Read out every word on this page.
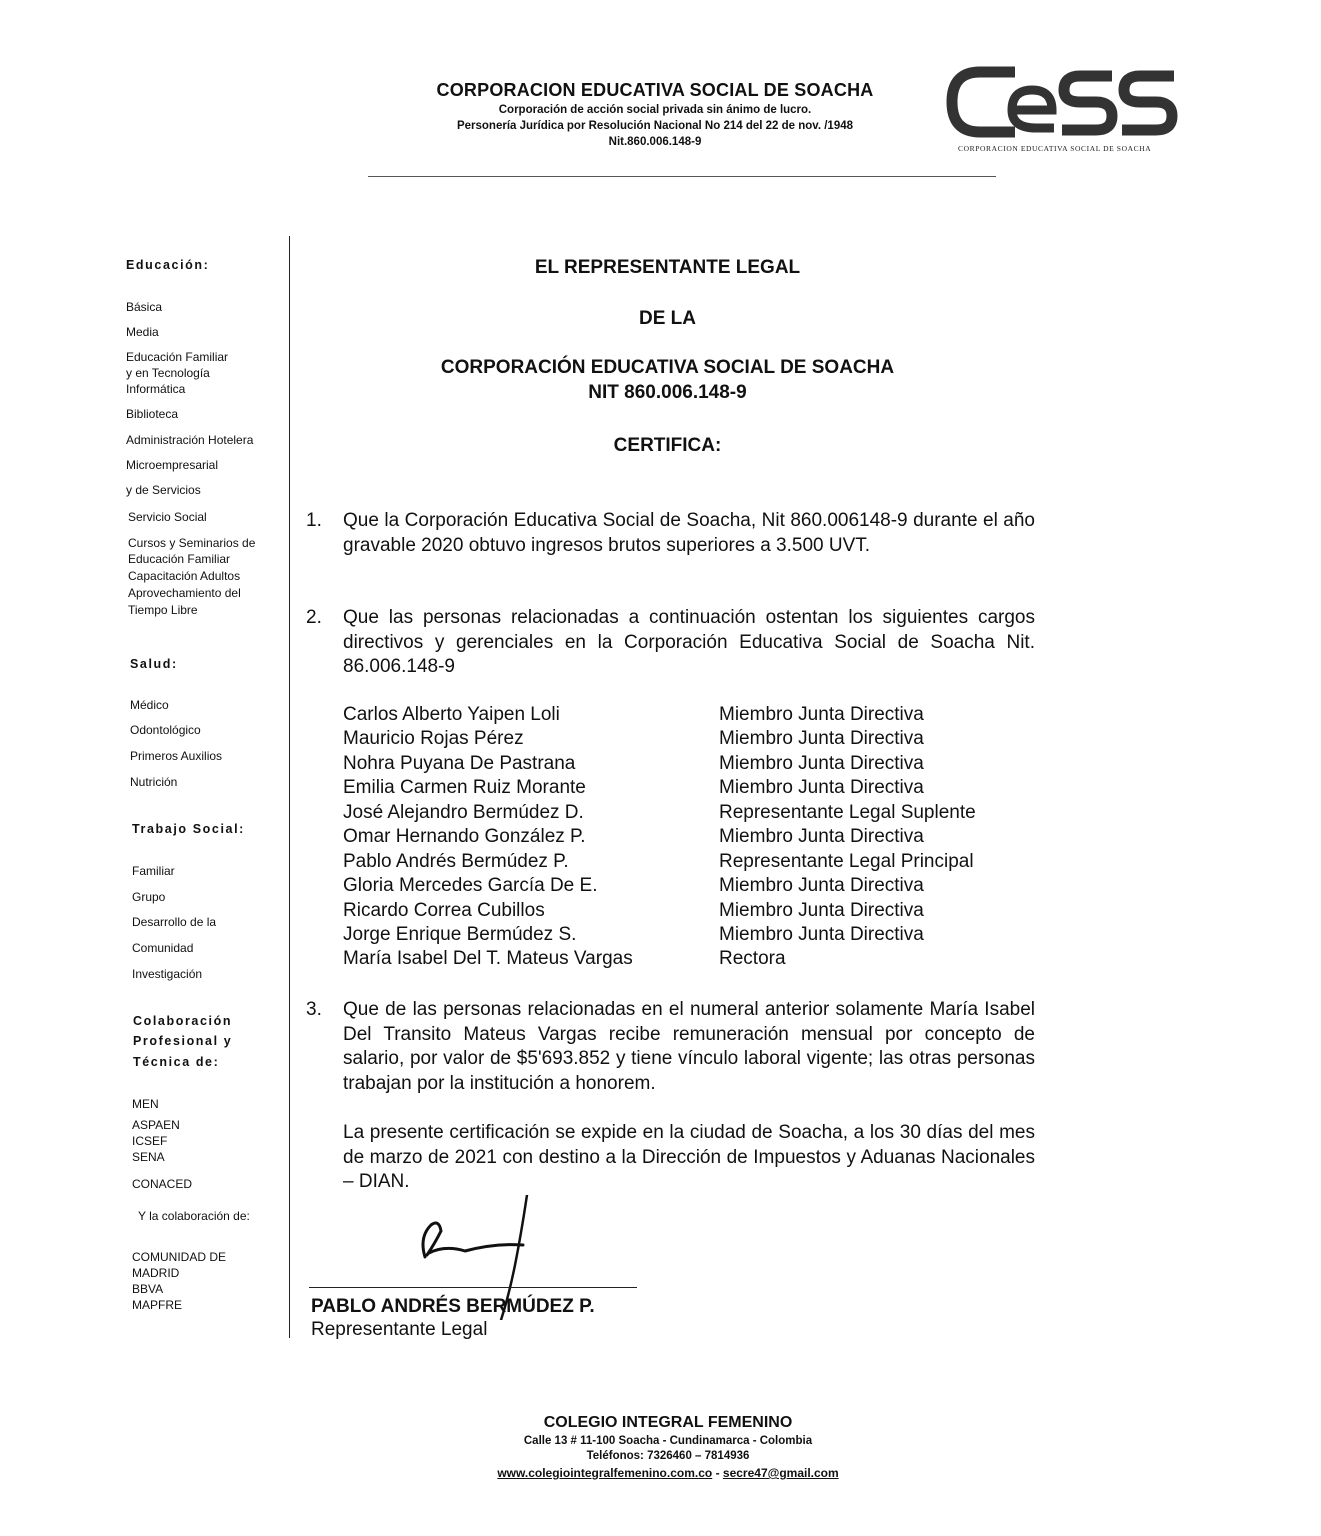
CORPORACION EDUCATIVA SOCIAL DE SOACHA
Corporación de acción social privada sin ánimo de lucro.
Personería Jurídica por Resolución Nacional No 214 del 22 de nov. /1948
Nit.860.006.148-9
CORPORACION EDUCATIVA SOCIAL DE SOACHA
Educación:
Básica
Media
Educación Familiar
y en Tecnología
Informática
Biblioteca
Administración Hotelera
Microempresarial
y de Servicios
Servicio Social
Cursos y Seminarios de
Educación Familiar
Capacitación Adultos
Aprovechamiento del
Tiempo Libre
Salud:
Médico
Odontológico
Primeros Auxilios
Nutrición
Trabajo Social:
Familiar
Grupo
Desarrollo de la
Comunidad
Investigación
Colaboración
Profesional y
Técnica de:
MEN
ASPAEN
ICSEF
SENA
CONACED
Y la colaboración de:
COMUNIDAD DE
MADRID
BBVA
MAPFRE
EL REPRESENTANTE LEGAL
DE LA
CORPORACIÓN EDUCATIVA SOCIAL DE SOACHA
NIT 860.006.148-9
CERTIFICA:
1. Que la Corporación Educativa Social de Soacha, Nit 860.006148-9 durante el año gravable 2020 obtuvo ingresos brutos superiores a 3.500 UVT.
2. Que las personas relacionadas a continuación ostentan los siguientes cargos directivos y gerenciales en la Corporación Educativa Social de Soacha Nit. 86.006.148-9
Carlos Alberto Yaipen Loli	Miembro Junta Directiva
Mauricio Rojas Pérez	Miembro Junta Directiva
Nohra Puyana De Pastrana	Miembro Junta Directiva
Emilia Carmen Ruiz Morante	Miembro Junta Directiva
José Alejandro Bermúdez D.	Representante Legal Suplente
Omar Hernando González P.	Miembro Junta Directiva
Pablo Andrés Bermúdez P.	Representante Legal Principal
Gloria Mercedes García De E.	Miembro Junta Directiva
Ricardo Correa Cubillos	Miembro Junta Directiva
Jorge Enrique Bermúdez S.	Miembro Junta Directiva
María Isabel Del T. Mateus Vargas	Rectora
3. Que de las personas relacionadas en el numeral anterior solamente María Isabel Del Transito Mateus Vargas recibe remuneración mensual por concepto de salario, por valor de $5'693.852 y tiene vínculo laboral vigente; las otras personas trabajan por la institución a honorem.
La presente certificación se expide en la ciudad de Soacha, a los 30 días del mes de marzo de 2021 con destino a la Dirección de Impuestos y Aduanas Nacionales – DIAN.
PABLO ANDRÉS BERMÚDEZ P.
Representante Legal
COLEGIO INTEGRAL FEMENINO
Calle 13 # 11-100 Soacha - Cundinamarca - Colombia
Teléfonos: 7326460 – 7814936
www.colegiointegralfemenino.com.co - secre47@gmail.com
